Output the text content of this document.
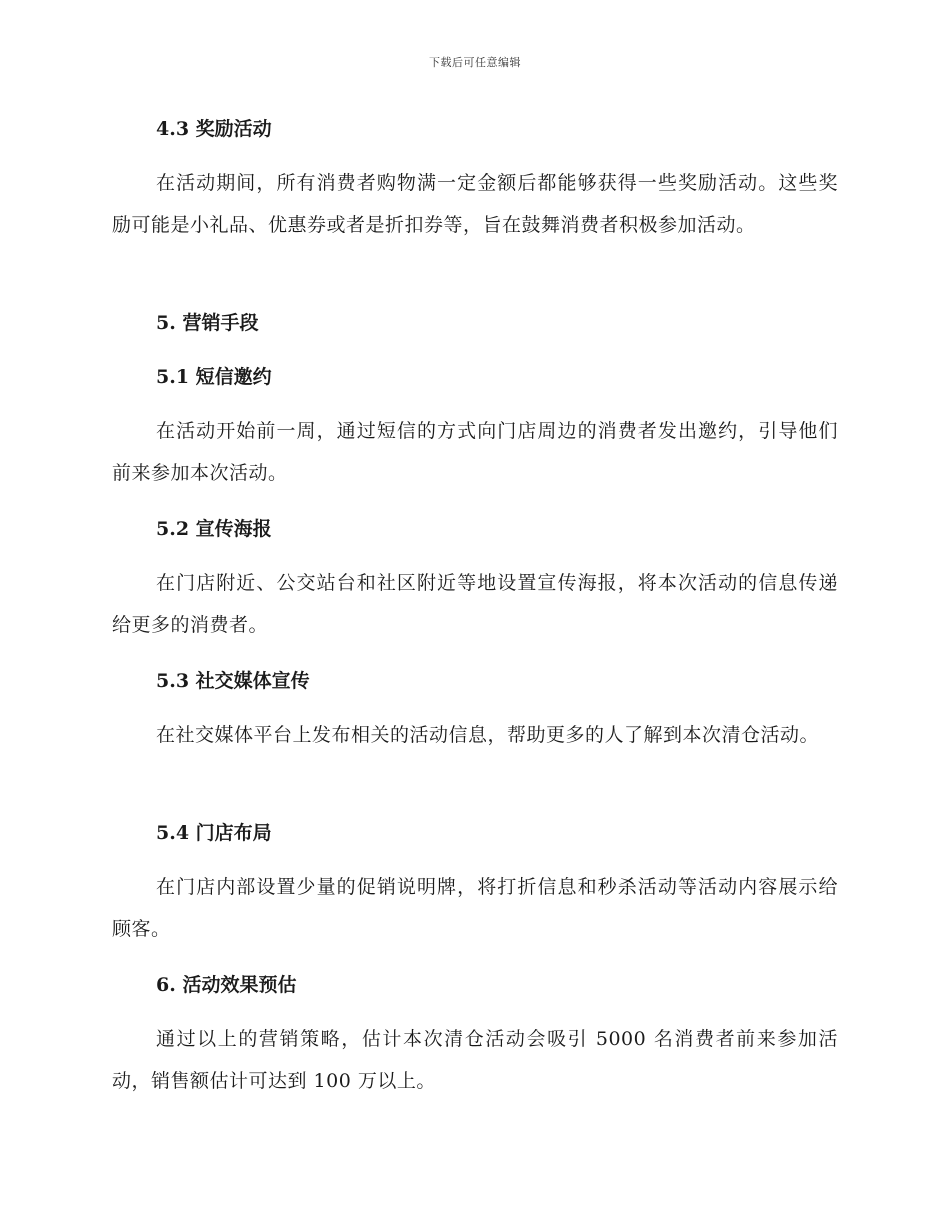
下载后可任意编辑
4.3 奖励活动
在活动期间，所有消费者购物满一定金额后都能够获得一些奖励活动。这些奖励可能是小礼品、优惠券或者是折扣券等，旨在鼓舞消费者积极参加活动。
5. 营销手段
5.1 短信邀约
在活动开始前一周，通过短信的方式向门店周边的消费者发出邀约，引导他们前来参加本次活动。
5.2 宣传海报
在门店附近、公交站台和社区附近等地设置宣传海报，将本次活动的信息传递给更多的消费者。
5.3 社交媒体宣传
在社交媒体平台上发布相关的活动信息，帮助更多的人了解到本次清仓活动。
5.4 门店布局
在门店内部设置少量的促销说明牌，将打折信息和秒杀活动等活动内容展示给顾客。
6. 活动效果预估
通过以上的营销策略，估计本次清仓活动会吸引 5000 名消费者前来参加活动，销售额估计可达到 100 万以上。
